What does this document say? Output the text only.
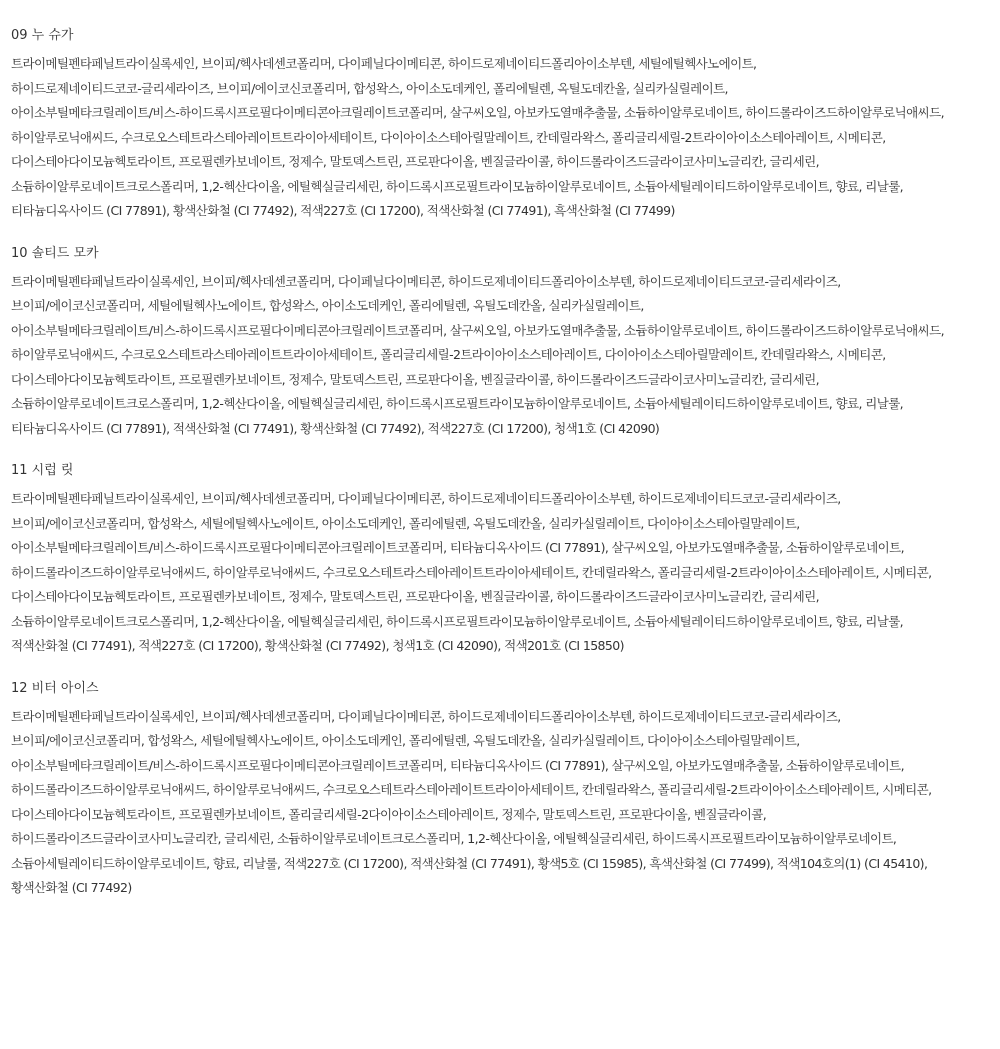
09 누 슈가
트라이메틸펜타페닐트라이실록세인, 브이피/헥사데센코폴리머, 다이페닐다이메티콘, 하이드로제네이티드폴리아이소부텐, 세틸에틸헥사노에이트,
하이드로제네이티드코코-글리세라이즈, 브이피/에이코신코폴리머, 합성왁스, 아이소도데케인, 폴리에틸렌, 옥틸도데칸올, 실리카실릴레이트,
아이소부틸메타크릴레이트/비스-하이드록시프로필다이메티콘아크릴레이트코폴리머, 살구씨오일, 아보카도열매추출물, 소듐하이알루로네이트, 하이드롤라이즈드하이알루로닉애씨드,
하이알루로닉애씨드, 수크로오스테트라스테아레이트트라이아세테이트, 다이아이소스테아릴말레이트, 칸데릴라왁스, 폴리글리세릴-2트라이아이소스테아레이트, 시메티콘,
다이스테아다이모늄헥토라이트, 프로필렌카보네이트, 정제수, 말토덱스트린, 프로판다이올, 벤질글라이콜, 하이드롤라이즈드글라이코사미노글리칸, 글리세린,
소듐하이알루로네이트크로스폴리머, 1,2-헥산다이올, 에틸헥실글리세린, 하이드록시프로필트라이모늄하이알루로네이트, 소듐아세틸레이티드하이알루로네이트, 향료, 리날룰,
티타늄디옥사이드 (CI 77891), 황색산화철 (CI 77492), 적색227호 (CI 17200), 적색산화철 (CI 77491), 흑색산화철 (CI 77499)
10 솔티드 모카
트라이메틸펜타페닐트라이실록세인, 브이피/헥사데센코폴리머, 다이페닐다이메티콘, 하이드로제네이티드폴리아이소부텐, 하이드로제네이티드코코-글리세라이즈,
브이피/에이코신코폴리머, 세틸에틸헥사노에이트, 합성왁스, 아이소도데케인, 폴리에틸렌, 옥틸도데칸올, 실리카실릴레이트,
아이소부틸메타크릴레이트/비스-하이드록시프로필다이메티콘아크릴레이트코폴리머, 살구씨오일, 아보카도열매추출물, 소듐하이알루로네이트, 하이드롤라이즈드하이알루로닉애씨드,
하이알루로닉애씨드, 수크로오스테트라스테아레이트트라이아세테이트, 폴리글리세릴-2트라이아이소스테아레이트, 다이아이소스테아릴말레이트, 칸데릴라왁스, 시메티콘,
다이스테아다이모늄헥토라이트, 프로필렌카보네이트, 정제수, 말토덱스트린, 프로판다이올, 벤질글라이콜, 하이드롤라이즈드글라이코사미노글리칸, 글리세린,
소듐하이알루로네이트크로스폴리머, 1,2-헥산다이올, 에틸헥실글리세린, 하이드록시프로필트라이모늄하이알루로네이트, 소듐아세틸레이티드하이알루로네이트, 향료, 리날룰,
티타늄디옥사이드 (CI 77891), 적색산화철 (CI 77491), 황색산화철 (CI 77492), 적색227호 (CI 17200), 청색1호 (CI 42090)
11 시럽 릿
트라이메틸펜타페닐트라이실록세인, 브이피/헥사데센코폴리머, 다이페닐다이메티콘, 하이드로제네이티드폴리아이소부텐, 하이드로제네이티드코코-글리세라이즈,
브이피/에이코신코폴리머, 합성왁스, 세틸에틸헥사노에이트, 아이소도데케인, 폴리에틸렌, 옥틸도데칸올, 실리카실릴레이트, 다이아이소스테아릴말레이트,
아이소부틸메타크릴레이트/비스-하이드록시프로필다이메티콘아크릴레이트코폴리머, 티타늄디옥사이드 (CI 77891), 살구씨오일, 아보카도열매추출물, 소듐하이알루로네이트,
하이드롤라이즈드하이알루로닉애씨드, 하이알루로닉애씨드, 수크로오스테트라스테아레이트트라이아세테이트, 칸데릴라왁스, 폴리글리세릴-2트라이아이소스테아레이트, 시메티콘,
다이스테아다이모늄헥토라이트, 프로필렌카보네이트, 정제수, 말토덱스트린, 프로판다이올, 벤질글라이콜, 하이드롤라이즈드글라이코사미노글리칸, 글리세린,
소듐하이알루로네이트크로스폴리머, 1,2-헥산다이올, 에틸헥실글리세린, 하이드록시프로필트라이모늄하이알루로네이트, 소듐아세틸레이티드하이알루로네이트, 향료, 리날룰,
적색산화철 (CI 77491), 적색227호 (CI 17200), 황색산화철 (CI 77492), 청색1호 (CI 42090), 적색201호 (CI 15850)
12 비터 아이스
트라이메틸펜타페닐트라이실록세인, 브이피/헥사데센코폴리머, 다이페닐다이메티콘, 하이드로제네이티드폴리아이소부텐, 하이드로제네이티드코코-글리세라이즈,
브이피/에이코신코폴리머, 합성왁스, 세틸에틸헥사노에이트, 아이소도데케인, 폴리에틸렌, 옥틸도데칸올, 실리카실릴레이트, 다이아이소스테아릴말레이트,
아이소부틸메타크릴레이트/비스-하이드록시프로필다이메티콘아크릴레이트코폴리머, 티타늄디옥사이드 (CI 77891), 살구씨오일, 아보카도열매추출물, 소듐하이알루로네이트,
하이드롤라이즈드하이알루로닉애씨드, 하이알루로닉애씨드, 수크로오스테트라스테아레이트트라이아세테이트, 칸데릴라왁스, 폴리글리세릴-2트라이아이소스테아레이트, 시메티콘,
다이스테아다이모늄헥토라이트, 프로필렌카보네이트, 폴리글리세릴-2다이아이소스테아레이트, 정제수, 말토덱스트린, 프로판다이올, 벤질글라이콜,
하이드롤라이즈드글라이코사미노글리칸, 글리세린, 소듐하이알루로네이트크로스폴리머, 1,2-헥산다이올, 에틸헥실글리세린, 하이드록시프로필트라이모늄하이알루로네이트,
소듐아세틸레이티드하이알루로네이트, 향료, 리날룰, 적색227호 (CI 17200), 적색산화철 (CI 77491), 황색5호 (CI 15985), 흑색산화철 (CI 77499), 적색104호의(1) (CI 45410),
황색산화철 (CI 77492)
